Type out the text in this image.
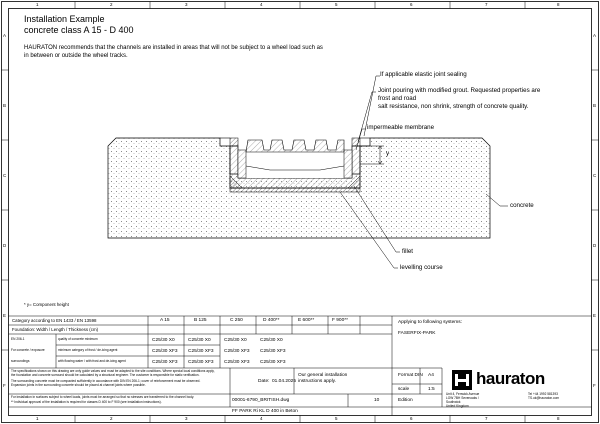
1	2	3	4	5	6	7	8
1	2	3	4	5	6	7	8
A
B
C
D
E
F
A
B
C
D
E
F
Installation Example
concrete class A 15 - D 400
HAURATON recommends that the channels are installed in areas that will not be subject to a wheel load such as
in between or outside the wheel tracks.
If applicable elastic joint sealing
Joint pouring with modified grout. Requested properties are
frost and road
salt resistance, non shrink, strength of concrete quality.
impermeable membrane
concrete
fillet
levelling course
y
* y= Component height
Category according to EN 1433 / EN 13598	A 15	B 125	C 250	D 400**	E 600**	F 900**
Foundation: Width / Length / Thickness (cm)
EN 206-1	quality of concrete minimum	C25/30 X0	C25/30 X0	C25/30 X0	C25/30 X0
For concrete / exposure	minimum category of frost / de-icing agent	C25/30 XF3 C25/30 XF3 C25/30 XF3 C25/30 XF3
surroundings	with flowing water / with frost and de-icing agent	C25/30 XF3 C25/30 XF3 C25/30 XF3 C25/30 XF3
The specifications shown on this drawing are only guide values and must be adapted to the site conditions. Where special local conditions apply,
the foundation and concrete surround should be calculated by a structural engineer. The customer is responsible for static verification.
The surrounding concrete must be compacted sufficiently in accordance with DIN EN 206-1; cover of reinforcement must be observed.
Expansion joints in the surrounding concrete should be placed at channel joints where possible.
For installation in surfaces subject to wheel loads, joints must be arranged so that no stresses are transferred to the channel body.
** Individual approval of the installation is required for classes D 400 to F 900 (see installation instructions).
Applying to following systems:
FASERFIX-PARK
Date: 01.04.2025
Our general installation
instructions apply.
00001-6790_BRITISH.dwg	10
FF PARK Ri KL D 400 in Beton
Format DIN A4
scale	1:5
Edition
hauraton
Unit 4, Fenwick Avenue
LOW 7BH Sevenoaks /
Southwick
United Kingdom
Tel +44 1992 581393
TS.uk@hauraton.com
